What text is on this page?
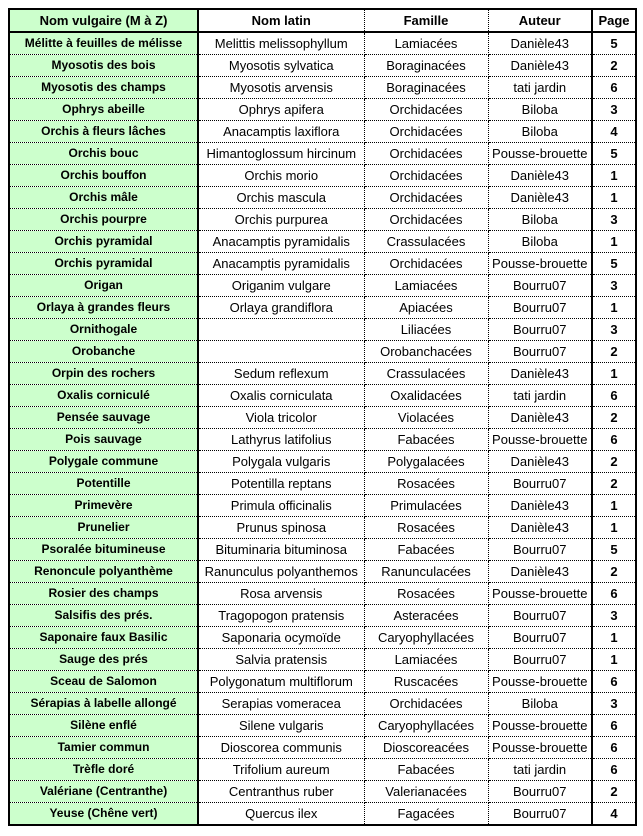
Nom vulgaire (M à Z)	Nom latin	Famille	Auteur	Page
Mélitte à feuilles de mélisse	Melittis melissophyllum	Lamiacées	Danièle43	5
Myosotis des bois	Myosotis sylvatica	Boraginacées	Danièle43	2
Myosotis des champs	Myosotis arvensis	Boraginacées	tati jardin	6
Ophrys abeille	Ophrys apifera	Orchidacées	Biloba	3
Orchis à fleurs lâches	Anacamptis laxiflora	Orchidacées	Biloba	4
Orchis bouc	Himantoglossum hircinum	Orchidacées	Pousse-brouette	5
Orchis bouffon	Orchis morio	Orchidacées	Danièle43	1
Orchis mâle	Orchis mascula	Orchidacées	Danièle43	1
Orchis pourpre	Orchis purpurea	Orchidacées	Biloba	3
Orchis pyramidal	Anacamptis pyramidalis	Crassulacées	Biloba	1
Orchis pyramidal	Anacamptis pyramidalis	Orchidacées	Pousse-brouette	5
Origan	Origanim vulgare	Lamiacées	Bourru07	3
Orlaya à grandes fleurs	Orlaya grandiflora	Apiacées	Bourru07	1
Ornithogale		Liliacées	Bourru07	3
Orobanche		Orobanchacées	Bourru07	2
Orpin des rochers	Sedum reflexum	Crassulacées	Danièle43	1
Oxalis corniculé	Oxalis corniculata	Oxalidacées	tati jardin	6
Pensée sauvage	Viola tricolor	Violacées	Danièle43	2
Pois sauvage	Lathyrus latifolius	Fabacées	Pousse-brouette	6
Polygale commune	Polygala vulgaris	Polygalacées	Danièle43	2
Potentille	Potentilla reptans	Rosacées	Bourru07	2
Primevère	Primula officinalis	Primulacées	Danièle43	1
Prunelier	Prunus spinosa	Rosacées	Danièle43	1
Psoralée bitumineuse	Bituminaria bituminosa	Fabacées	Bourru07	5
Renoncule polyanthème	Ranunculus polyanthemos	Ranunculacées	Danièle43	2
Rosier des champs	Rosa arvensis	Rosacées	Pousse-brouette	6
Salsifis des prés.	Tragopogon pratensis	Asteracées	Bourru07	3
Saponaire faux Basilic	Saponaria ocymoïde	Caryophyllacées	Bourru07	1
Sauge des prés	Salvia pratensis	Lamiacées	Bourru07	1
Sceau de Salomon	Polygonatum multiflorum	Ruscacées	Pousse-brouette	6
Sérapias à labelle allongé	Serapias vomeracea	Orchidacées	Biloba	3
Silène enflé	Silene vulgaris	Caryophyllacées	Pousse-brouette	6
Tamier commun	Dioscorea communis	Dioscoreacées	Pousse-brouette	6
Trèfle doré	Trifolium aureum	Fabacées	tati jardin	6
Valériane (Centranthe)	Centranthus ruber	Valerianacées	Bourru07	2
Yeuse (Chêne vert)	Quercus ilex	Fagacées	Bourru07	4
